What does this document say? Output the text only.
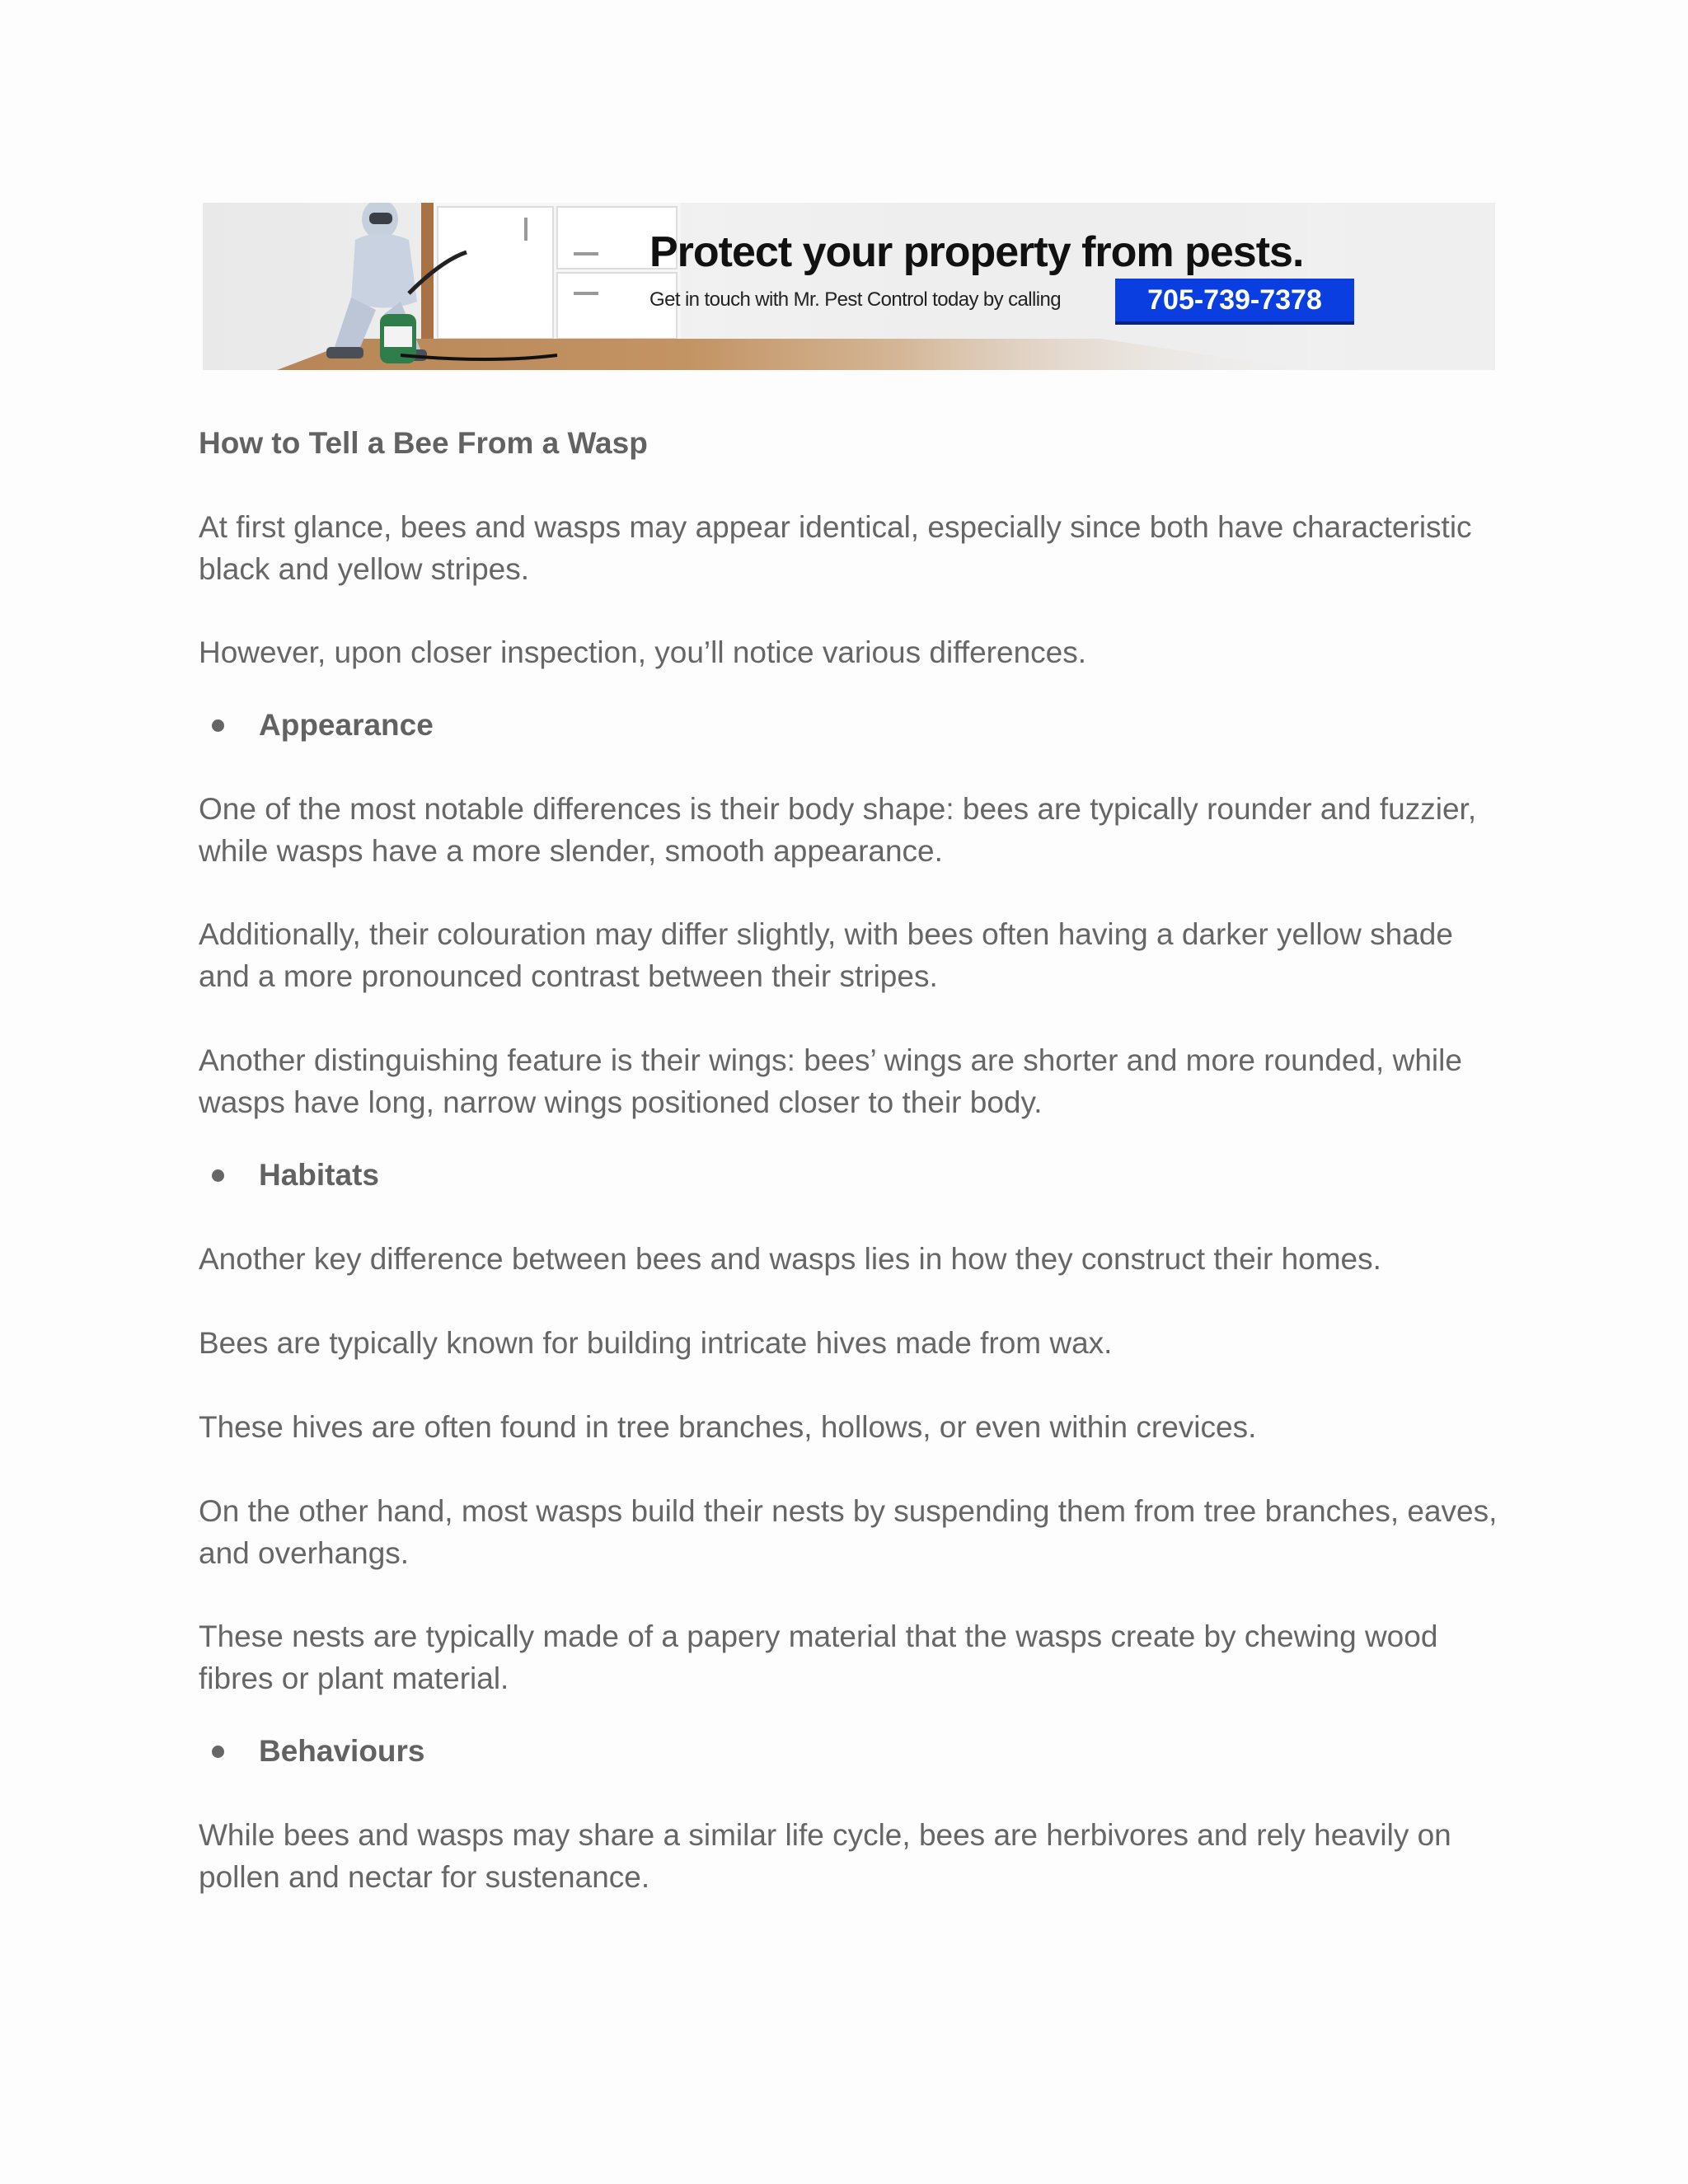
Protect your property from pests.
Get in touch with Mr. Pest Control today by calling	705-739-7378
How to Tell a Bee From a Wasp

At first glance, bees and wasps may appear identical, especially since both have characteristic black and yellow stripes.

However, upon closer inspection, you’ll notice various differences.

Appearance

One of the most notable differences is their body shape: bees are typically rounder and fuzzier, while wasps have a more slender, smooth appearance.

Additionally, their colouration may differ slightly, with bees often having a darker yellow shade and a more pronounced contrast between their stripes.

Another distinguishing feature is their wings: bees’ wings are shorter and more rounded, while wasps have long, narrow wings positioned closer to their body.

Habitats

Another key difference between bees and wasps lies in how they construct their homes.

Bees are typically known for building intricate hives made from wax.

These hives are often found in tree branches, hollows, or even within crevices.

On the other hand, most wasps build their nests by suspending them from tree branches, eaves, and overhangs.

These nests are typically made of a papery material that the wasps create by chewing wood fibres or plant material.

Behaviours

While bees and wasps may share a similar life cycle, bees are herbivores and rely heavily on pollen and nectar for sustenance.
